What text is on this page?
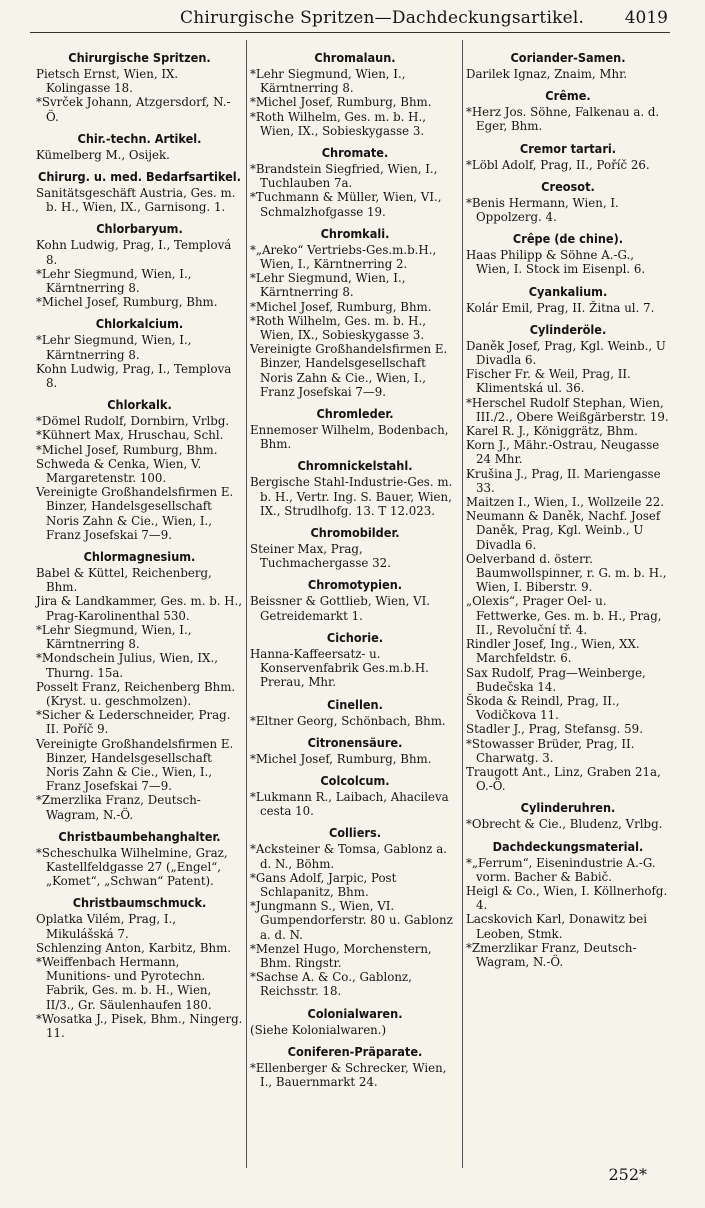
Chirurgische Spritzen—Dachdeckungsartikel. 4019
Chirurgische Spritzen.

Pietsch Ernst, Wien, IX. Kolingasse 18.

*Svrček Johann, Atzgersdorf, N.-Ö.

Chir.-techn. Artikel.

Kümelberg M., Osijek.

Chirurg. u. med. Bedarfsartikel.

Sanitätsgeschäft Austria, Ges. m. b. H., Wien, IX., Garnisong. 1.

Chlorbaryum.

Kohn Ludwig, Prag, I., Templová 8.

*Lehr Siegmund, Wien, I., Kärntnerring 8.

*Michel Josef, Rumburg, Bhm.

Chlorkalcium.

*Lehr Siegmund, Wien, I., Kärntnerring 8.

Kohn Ludwig, Prag, I., Templova 8.

Chlorkalk.

*Dömel Rudolf, Dornbirn, Vrlbg.

*Kühnert Max, Hruschau, Schl.

*Michel Josef, Rumburg, Bhm.

Schweda & Cenka, Wien, V. Margaretenstr. 100.

Vereinigte Großhandelsfirmen E. Binzer, Handelsgesellschaft Noris Zahn & Cie., Wien, I., Franz Josefskai 7—9.

Chlormagnesium.

Babel & Küttel, Reichenberg, Bhm.

Jira & Landkammer, Ges. m. b. H., Prag-Karolinenthal 530.

*Lehr Siegmund, Wien, I., Kärntnerring 8.

*Mondschein Julius, Wien, IX., Thurng. 15a.

Posselt Franz, Reichenberg Bhm. (Kryst. u. geschmolzen).

*Sicher & Lederschneider, Prag. II. Poříč 9.

Vereinigte Großhandelsfirmen E. Binzer, Handelsgesellschaft Noris Zahn & Cie., Wien, I., Franz Josefskai 7—9.

*Zmerzlika Franz, Deutsch-Wagram, N.-Ö.

Christbaumbehanghalter.

*Scheschulka Wilhelmine, Graz, Kastellfeldgasse 27 („Engel“, „Komet“, „Schwan“ Patent).

Christbaumschmuck.

Oplatka Vilém, Prag, I., Mikulášská 7.

Schlenzing Anton, Karbitz, Bhm.

*Weiffenbach Hermann, Munitions- und Pyrotechn. Fabrik, Ges. m. b. H., Wien, II/3., Gr. Säulenhaufen 180.

*Wosatka J., Pisek, Bhm., Ningerg. 11.

Chromalaun.

*Lehr Siegmund, Wien, I., Kärntnerring 8.

*Michel Josef, Rumburg, Bhm.

*Roth Wilhelm, Ges. m. b. H., Wien, IX., Sobieskygasse 3.

Chromate.

*Brandstein Siegfried, Wien, I., Tuchlauben 7a.

*Tuchmann & Müller, Wien, VI., Schmalzhofgasse 19.

Chromkali.

*„Areko“ Vertriebs-Ges.m.b.H., Wien, I., Kärntnerring 2.

*Lehr Siegmund, Wien, I., Kärntnerring 8.

*Michel Josef, Rumburg, Bhm.

*Roth Wilhelm, Ges. m. b. H., Wien, IX., Sobieskygasse 3.

Vereinigte Großhandelsfirmen E. Binzer, Handelsgesellschaft Noris Zahn & Cie., Wien, I., Franz Josefskai 7—9.

Chromleder.

Ennemoser Wilhelm, Bodenbach, Bhm.

Chromnickelstahl.

Bergische Stahl-Industrie-Ges. m. b. H., Vertr. Ing. S. Bauer, Wien, IX., Strudlhofg. 13. T 12.023.

Chromobilder.

Steiner Max, Prag, Tuchmachergasse 32.

Chromotypien.

Beissner & Gottlieb, Wien, VI. Getreidemarkt 1.

Cichorie.

Hanna-Kaffeersatz- u. Konservenfabrik Ges.m.b.H. Prerau, Mhr.

Cinellen.

*Eltner Georg, Schönbach, Bhm.

Citronensäure.

*Michel Josef, Rumburg, Bhm.

Colcolcum.

*Lukmann R., Laibach, Ahacileva cesta 10.

Colliers.

*Acksteiner & Tomsa, Gablonz a. d. N., Böhm.

*Gans Adolf, Jarpic, Post Schlapanitz, Bhm.

*Jungmann S., Wien, VI. Gumpendorferstr. 80 u. Gablonz a. d. N.

*Menzel Hugo, Morchenstern, Bhm. Ringstr.

*Sachse A. & Co., Gablonz, Reichsstr. 18.

Colonialwaren.

(Siehe Kolonialwaren.)

Coniferen-Präparate.

*Ellenberger & Schrecker, Wien, I., Bauernmarkt 24.

Coriander-Samen.

Darilek Ignaz, Znaim, Mhr.

Crême.

*Herz Jos. Söhne, Falkenau a. d. Eger, Bhm.

Cremor tartari.

*Löbl Adolf, Prag, II., Poříč 26.

Creosot.

*Benis Hermann, Wien, I. Oppolzerg. 4.

Crêpe (de chine).

Haas Philipp & Söhne A.-G., Wien, I. Stock im Eisenpl. 6.

Cyankalium.

Kolár Emil, Prag, II. Žitna ul. 7.

Cylinderöle.

Daněk Josef, Prag, Kgl. Weinb., U Divadla 6.

Fischer Fr. & Weil, Prag, II. Klimentská ul. 36.

*Herschel Rudolf Stephan, Wien, III./2., Obere Weißgärberstr. 19.

Karel R. J., Königgrätz, Bhm.

Korn J., Mähr.-Ostrau, Neugasse 24 Mhr.

Krušina J., Prag, II. Mariengasse 33.

Maitzen I., Wien, I., Wollzeile 22.

Neumann & Daněk, Nachf. Josef Daněk, Prag, Kgl. Weinb., U Divadla 6.

Oelverband d. österr. Baumwollspinner, r. G. m. b. H., Wien, I. Biberstr. 9.

„Olexis“, Prager Oel- u. Fettwerke, Ges. m. b. H., Prag, II., Revoluční tř. 4.

Rindler Josef, Ing., Wien, XX. Marchfeldstr. 6.

Sax Rudolf, Prag—Weinberge, Budečska 14.

Škoda & Reindl, Prag, II., Vodičkova 11.

Stadler J., Prag, Stefansg. 59.

*Stowasser Brüder, Prag, II. Charwatg. 3.

Traugott Ant., Linz, Graben 21a, O.-Ö.

Cylinderuhren.

*Obrecht & Cie., Bludenz, Vrlbg.

Dachdeckungsmaterial.

*„Ferrum“, Eisenindustrie A.-G. vorm. Bacher & Babič.

Heigl & Co., Wien, I. Köllnerhofg. 4.

Lacskovich Karl, Donawitz bei Leoben, Stmk.

*Zmerzlikar Franz, Deutsch-Wagram, N.-Ö.

252*
